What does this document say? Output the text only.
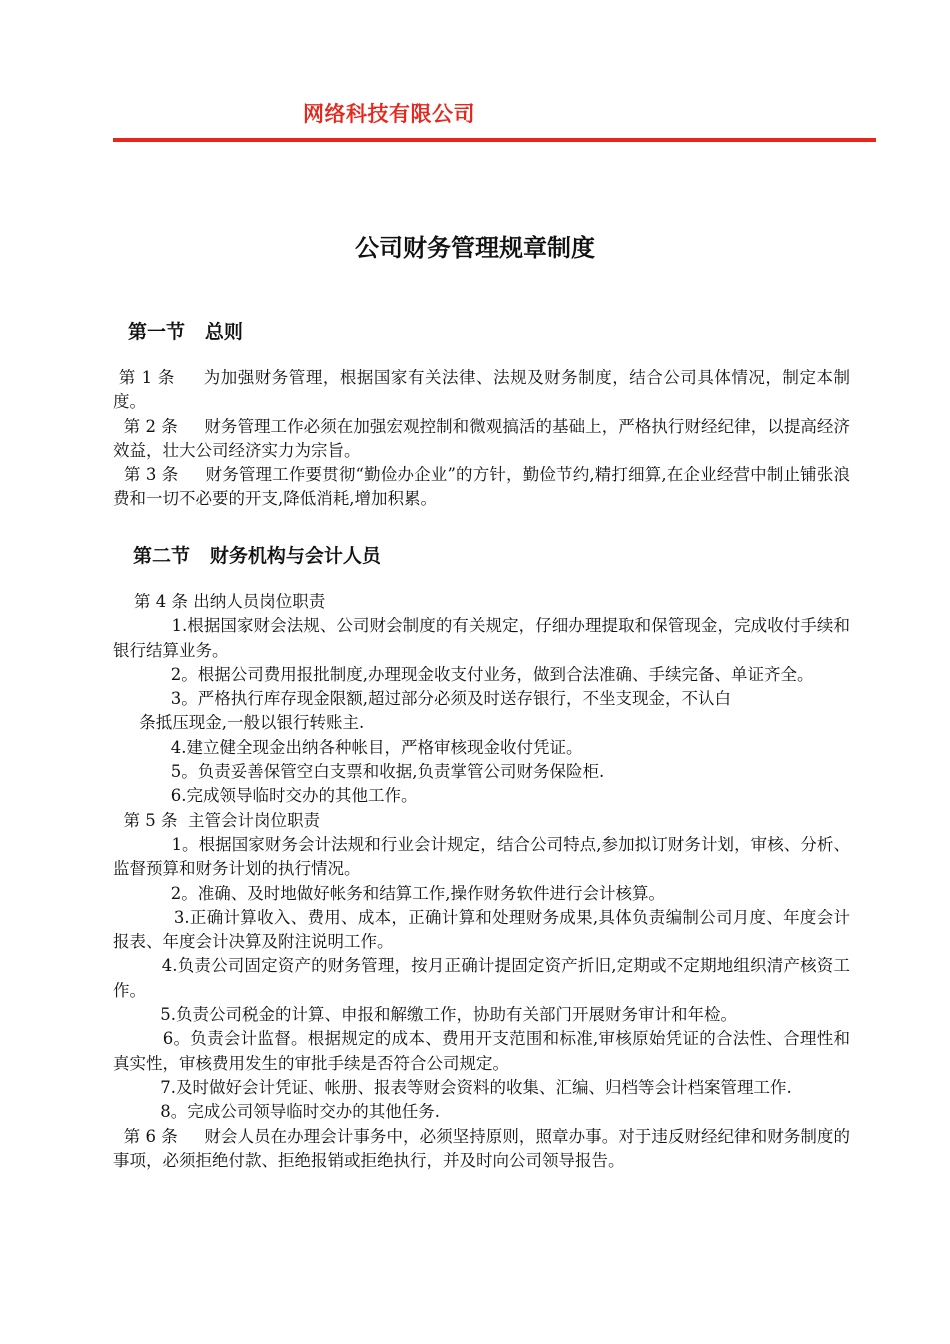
网络科技有限公司
公司财务管理规章制度
第一节   总则

第 1 条     为加强财务管理，根据国家有关法律、法规及财务制度，结合公司具体情况，制定本制度。

第 2 条     财务管理工作必须在加强宏观控制和微观搞活的基础上，严格执行财经纪律，以提高经济效益，壮大公司经济实力为宗旨。

第 3 条     财务管理工作要贯彻“勤俭办企业”的方针，勤俭节约,精打细算,在企业经营中制止铺张浪费和一切不必要的开支,降低消耗,增加积累。

第二节   财务机构与会计人员

第 4 条 出纳人员岗位职责

1.根据国家财会法规、公司财会制度的有关规定，仔细办理提取和保管现金，完成收付手续和银行结算业务。

2。根据公司费用报批制度,办理现金收支付业务，做到合法准确、手续完备、单证齐全。

3。严格执行库存现金限额,超过部分必须及时送存银行，不坐支现金，不认白

条抵压现金,一般以银行转账主.

4.建立健全现金出纳各种帐目，严格审核现金收付凭证。

5。负责妥善保管空白支票和收据,负责掌管公司财务保险柜.

6.完成领导临时交办的其他工作。

第 5 条  主管会计岗位职责

1。根据国家财务会计法规和行业会计规定，结合公司特点,参加拟订财务计划，审核、分析、监督预算和财务计划的执行情况。

2。准确、及时地做好帐务和结算工作,操作财务软件进行会计核算。

3.正确计算收入、费用、成本，正确计算和处理财务成果,具体负责编制公司月度、年度会计报表、年度会计决算及附注说明工作。

4.负责公司固定资产的财务管理，按月正确计提固定资产折旧,定期或不定期地组织清产核资工作。

5.负责公司税金的计算、申报和解缴工作，协助有关部门开展财务审计和年检。

6。负责会计监督。根据规定的成本、费用开支范围和标准,审核原始凭证的合法性、合理性和真实性，审核费用发生的审批手续是否符合公司规定。

7.及时做好会计凭证、帐册、报表等财会资料的收集、汇编、归档等会计档案管理工作.

8。完成公司领导临时交办的其他任务.

第 6 条     财会人员在办理会计事务中，必须坚持原则，照章办事。对于违反财经纪律和财务制度的事项，必须拒绝付款、拒绝报销或拒绝执行，并及时向公司领导报告。
